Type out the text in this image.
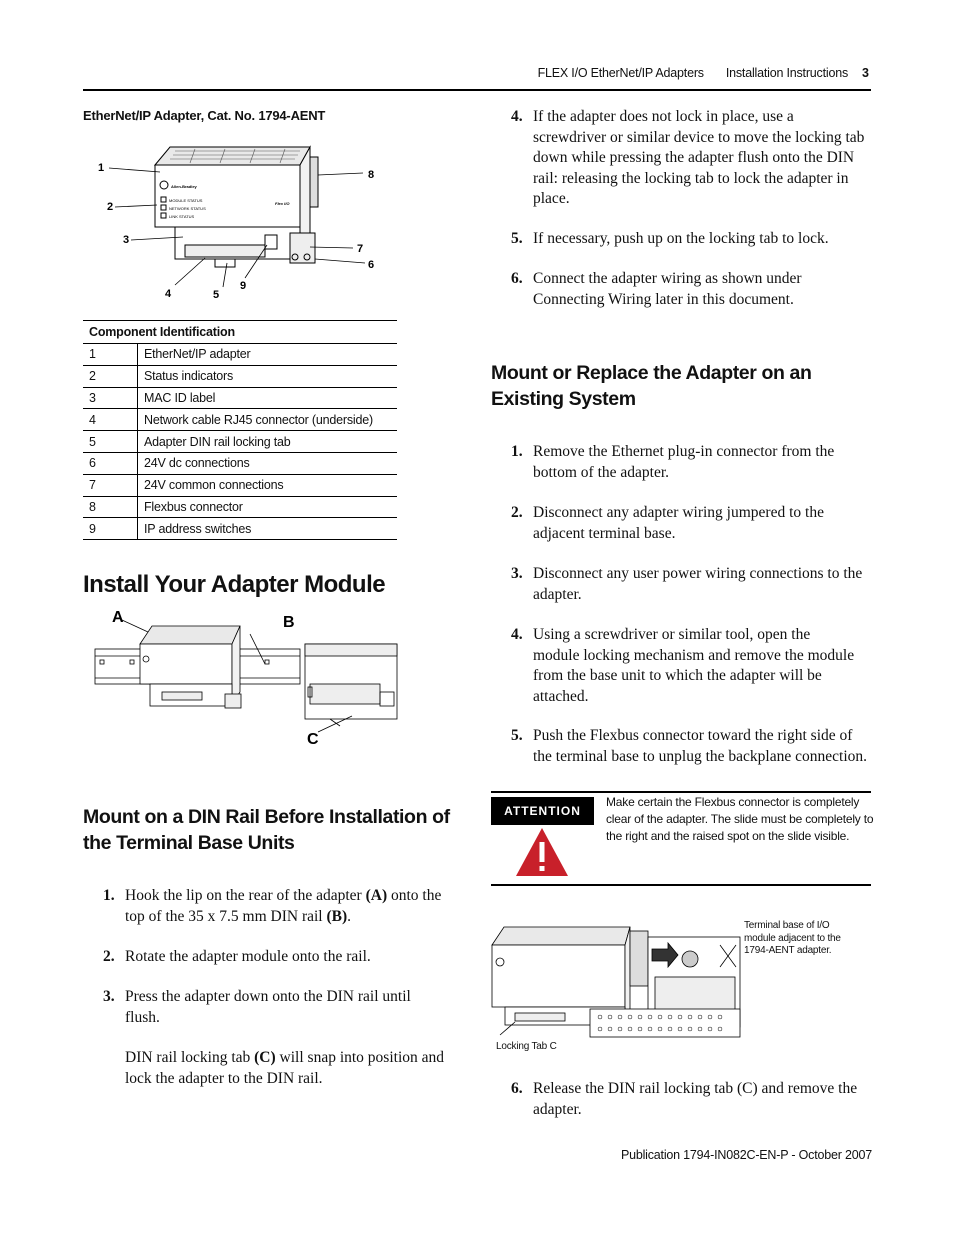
FLEX I/O EtherNet/IP Adapters Installation Instructions 3
EtherNet/IP Adapter, Cat. No. 1794-AENT
Allen-Bradley
MODULE STATUS
NETWORK STATUS
LINK STATUS
Flex I/O
1
2
3
4	5
6
7
8
9
Component Identification	
1	EtherNet/IP adapter
2	Status indicators
3	MAC ID label
4	Network cable RJ45 connector (underside)
5	Adapter DIN rail locking tab
6	24V dc connections
7	24V common connections
8	Flexbus connector
9	IP address switches
Install Your Adapter Module
A	B
C
Mount on a DIN Rail Before Installation of the Terminal Base Units
1. Hook the lip on the rear of the adapter (A) onto the top of the 35 x 7.5 mm DIN rail (B).
2. Rotate the adapter module onto the rail.
3. Press the adapter down onto the DIN rail until flush.
DIN rail locking tab (C) will snap into position and lock the adapter to the DIN rail.
4. If the adapter does not lock in place, use a screwdriver or similar device to move the locking tab down while pressing the adapter flush onto the DIN rail: releasing the locking tab to lock the adapter in place.
5. If necessary, push up on the locking tab to lock.
6. Connect the adapter wiring as shown under Connecting Wiring later in this document.
Mount or Replace the Adapter on an Existing System
1. Remove the Ethernet plug-in connector from the bottom of the adapter.
2. Disconnect any adapter wiring jumpered to the adjacent terminal base.
3. Disconnect any user power wiring connections to the adapter.
4. Using a screwdriver or similar tool, open the module locking mechanism and remove the module from the base unit to which the adapter will be attached.
5. Push the Flexbus connector toward the right side of the terminal base to unplug the backplane connection.
ATTENTION
Make certain the Flexbus connector is completely clear of the adapter. The slide must be completely to the right and the raised spot on the slide visible.
Terminal base of I/O module adjacent to the 1794-AENT adapter.
Locking Tab C
6. Release the DIN rail locking tab (C) and remove the adapter.
Publication 1794-IN082C-EN-P - October 2007
